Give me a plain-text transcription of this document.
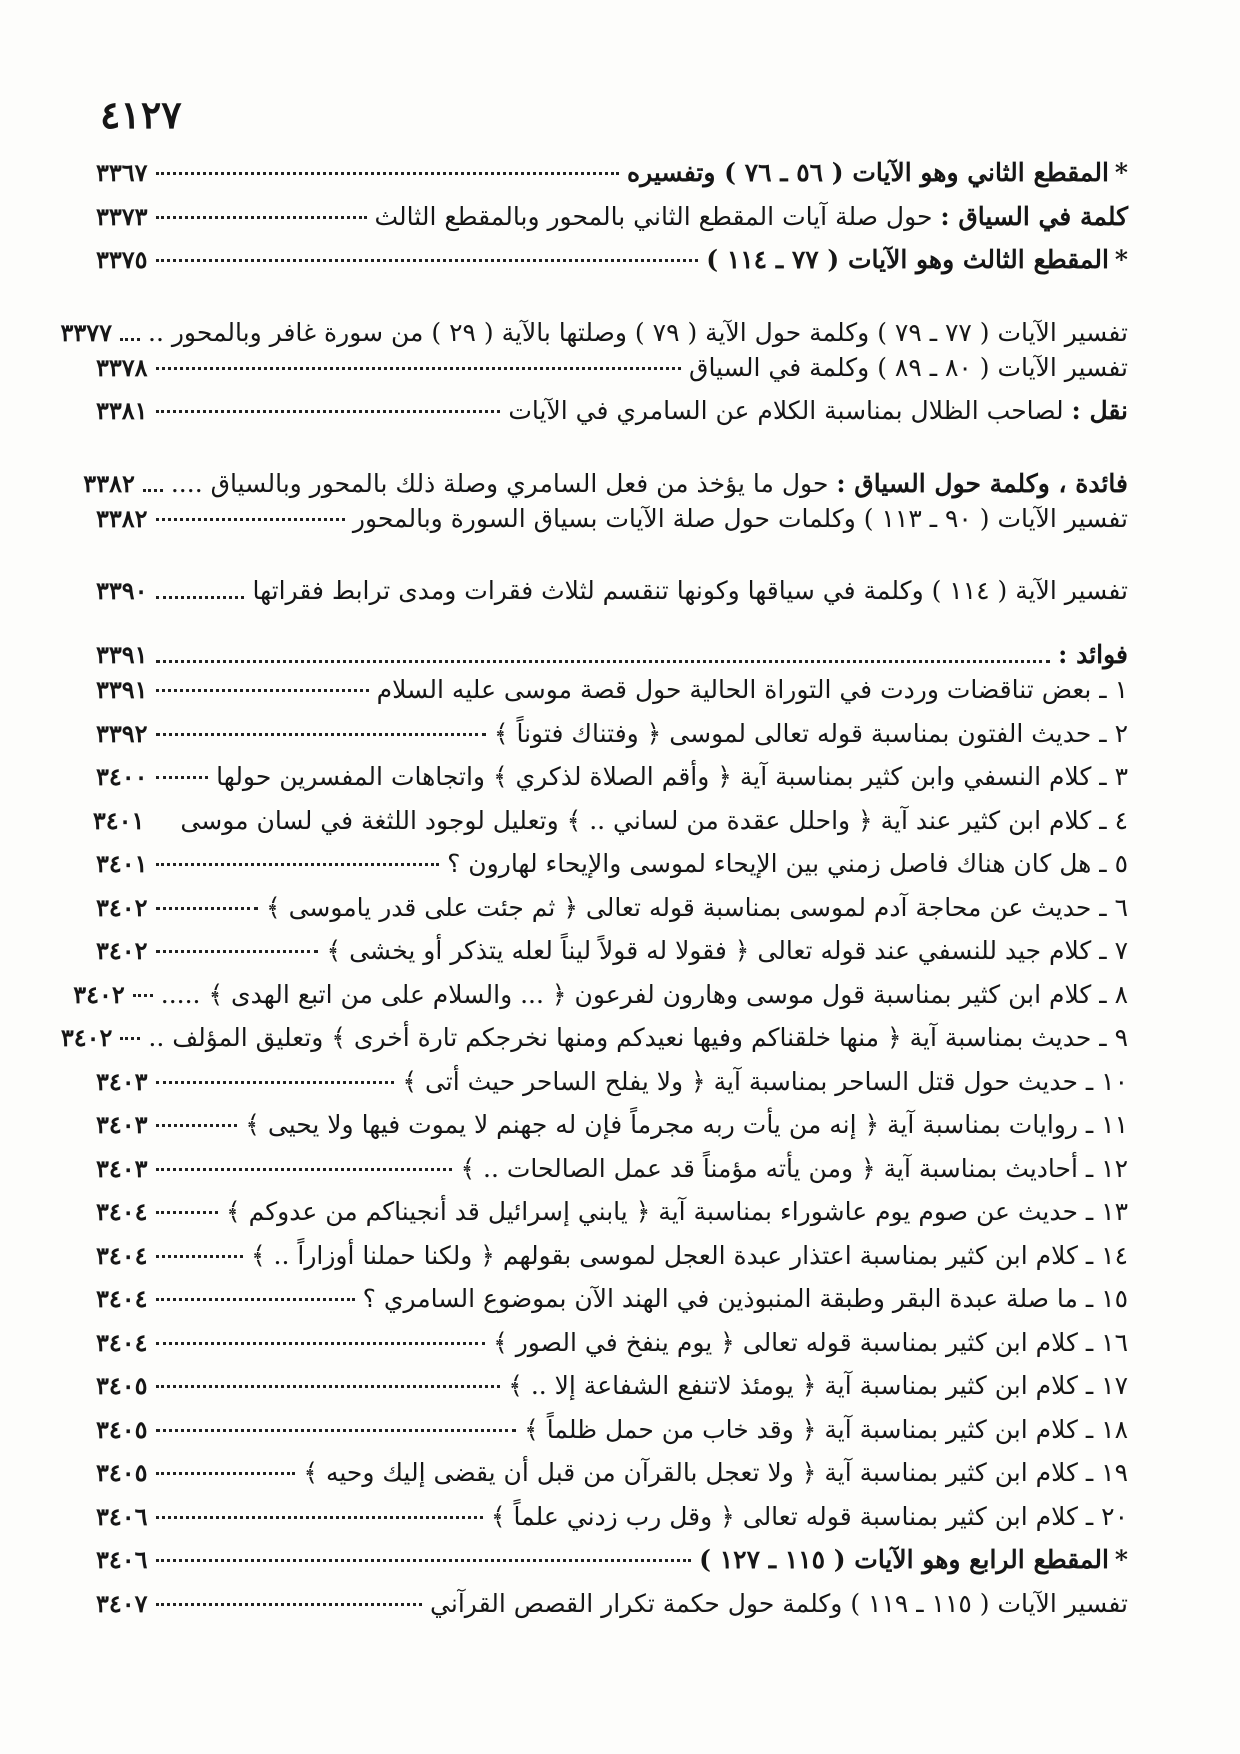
٤١٢٧
*المقطع الثاني وهو الآيات ( ٥٦ ـ ٧٦ ) وتفسيره
٣٣٦٧
كلمة في السياق : حول صلة آيات المقطع الثاني بالمحور وبالمقطع الثالث
٣٣٧٣
*المقطع الثالث وهو الآيات ( ٧٧ ـ ١١٤ )
٣٣٧٥
تفسير الآيات ( ٧٧ ـ ٧٩ ) وكلمة حول الآية ( ٧٩ ) وصلتها بالآية ( ٢٩ ) من سورة غافر وبالمحور ..
٣٣٧٧
تفسير الآيات ( ٨٠ ـ ٨٩ ) وكلمة في السياق
٣٣٧٨
نقل : لصاحب الظلال بمناسبة الكلام عن السامري في الآيات
٣٣٨١
فائدة ، وكلمة حول السياق : حول ما يؤخذ من فعل السامري وصلة ذلك بالمحور وبالسياق ....
٣٣٨٢
تفسير الآيات ( ٩٠ ـ ١١٣ ) وكلمات حول صلة الآيات بسياق السورة وبالمحور
٣٣٨٢
تفسير الآية ( ١١٤ ) وكلمة في سياقها وكونها تنقسم لثلاث فقرات ومدى ترابط فقراتها
٣٣٩٠
فوائد :
٣٣٩١
١ ـ بعض تناقضات وردت في التوراة الحالية حول قصة موسى عليه السلام
٣٣٩١
٢ ـ حديث الفتون بمناسبة قوله تعالى لموسى ﴿ وفتناك فتوناً ﴾
٣٣٩٢
٣ ـ كلام النسفي وابن كثير بمناسبة آية ﴿ وأقم الصلاة لذكري ﴾ واتجاهات المفسرين حولها
٣٤٠٠
٤ ـ كلام ابن كثير عند آية ﴿ واحلل عقدة من لساني .. ﴾ وتعليل لوجود اللثغة في لسان موسى
٣٤٠١
٥ ـ هل كان هناك فاصل زمني بين الإيحاء لموسى والإيحاء لهارون ؟
٣٤٠١
٦ ـ حديث عن محاجة آدم لموسى بمناسبة قوله تعالى ﴿ ثم جئت على قدر ياموسى ﴾
٣٤٠٢
٧ ـ كلام جيد للنسفي عند قوله تعالى ﴿ فقولا له قولاً ليناً لعله يتذكر أو يخشى ﴾
٣٤٠٢
٨ ـ كلام ابن كثير بمناسبة قول موسى وهارون لفرعون ﴿ ... والسلام على من اتبع الهدى ﴾ .....
٣٤٠٢
٩ ـ حديث بمناسبة آية ﴿ منها خلقناكم وفيها نعيدكم ومنها نخرجكم تارة أخرى ﴾ وتعليق المؤلف ..
٣٤٠٢
١٠ ـ حديث حول قتل الساحر بمناسبة آية ﴿ ولا يفلح الساحر حيث أتى ﴾
٣٤٠٣
١١ ـ روايات بمناسبة آية ﴿ إنه من يأت ربه مجرماً فإن له جهنم لا يموت فيها ولا يحيى ﴾
٣٤٠٣
١٢ ـ أحاديث بمناسبة آية ﴿ ومن يأته مؤمناً قد عمل الصالحات .. ﴾
٣٤٠٣
١٣ ـ حديث عن صوم يوم عاشوراء بمناسبة آية ﴿ يابني إسرائيل قد أنجيناكم من عدوكم ﴾
٣٤٠٤
١٤ ـ كلام ابن كثير بمناسبة اعتذار عبدة العجل لموسى بقولهم ﴿ ولكنا حملنا أوزاراً .. ﴾
٣٤٠٤
١٥ ـ ما صلة عبدة البقر وطبقة المنبوذين في الهند الآن بموضوع السامري ؟
٣٤٠٤
١٦ ـ كلام ابن كثير بمناسبة قوله تعالى ﴿ يوم ينفخ في الصور ﴾
٣٤٠٤
١٧ ـ كلام ابن كثير بمناسبة آية ﴿ يومئذ لاتنفع الشفاعة إلا .. ﴾
٣٤٠٥
١٨ ـ كلام ابن كثير بمناسبة آية ﴿ وقد خاب من حمل ظلماً ﴾
٣٤٠٥
١٩ ـ كلام ابن كثير بمناسبة آية ﴿ ولا تعجل بالقرآن من قبل أن يقضى إليك وحيه ﴾
٣٤٠٥
٢٠ ـ كلام ابن كثير بمناسبة قوله تعالى ﴿ وقل رب زدني علماً ﴾
٣٤٠٦
*المقطع الرابع وهو الآيات ( ١١٥ ـ ١٢٧ )
٣٤٠٦
تفسير الآيات ( ١١٥ ـ ١١٩ ) وكلمة حول حكمة تكرار القصص القرآني
٣٤٠٧
